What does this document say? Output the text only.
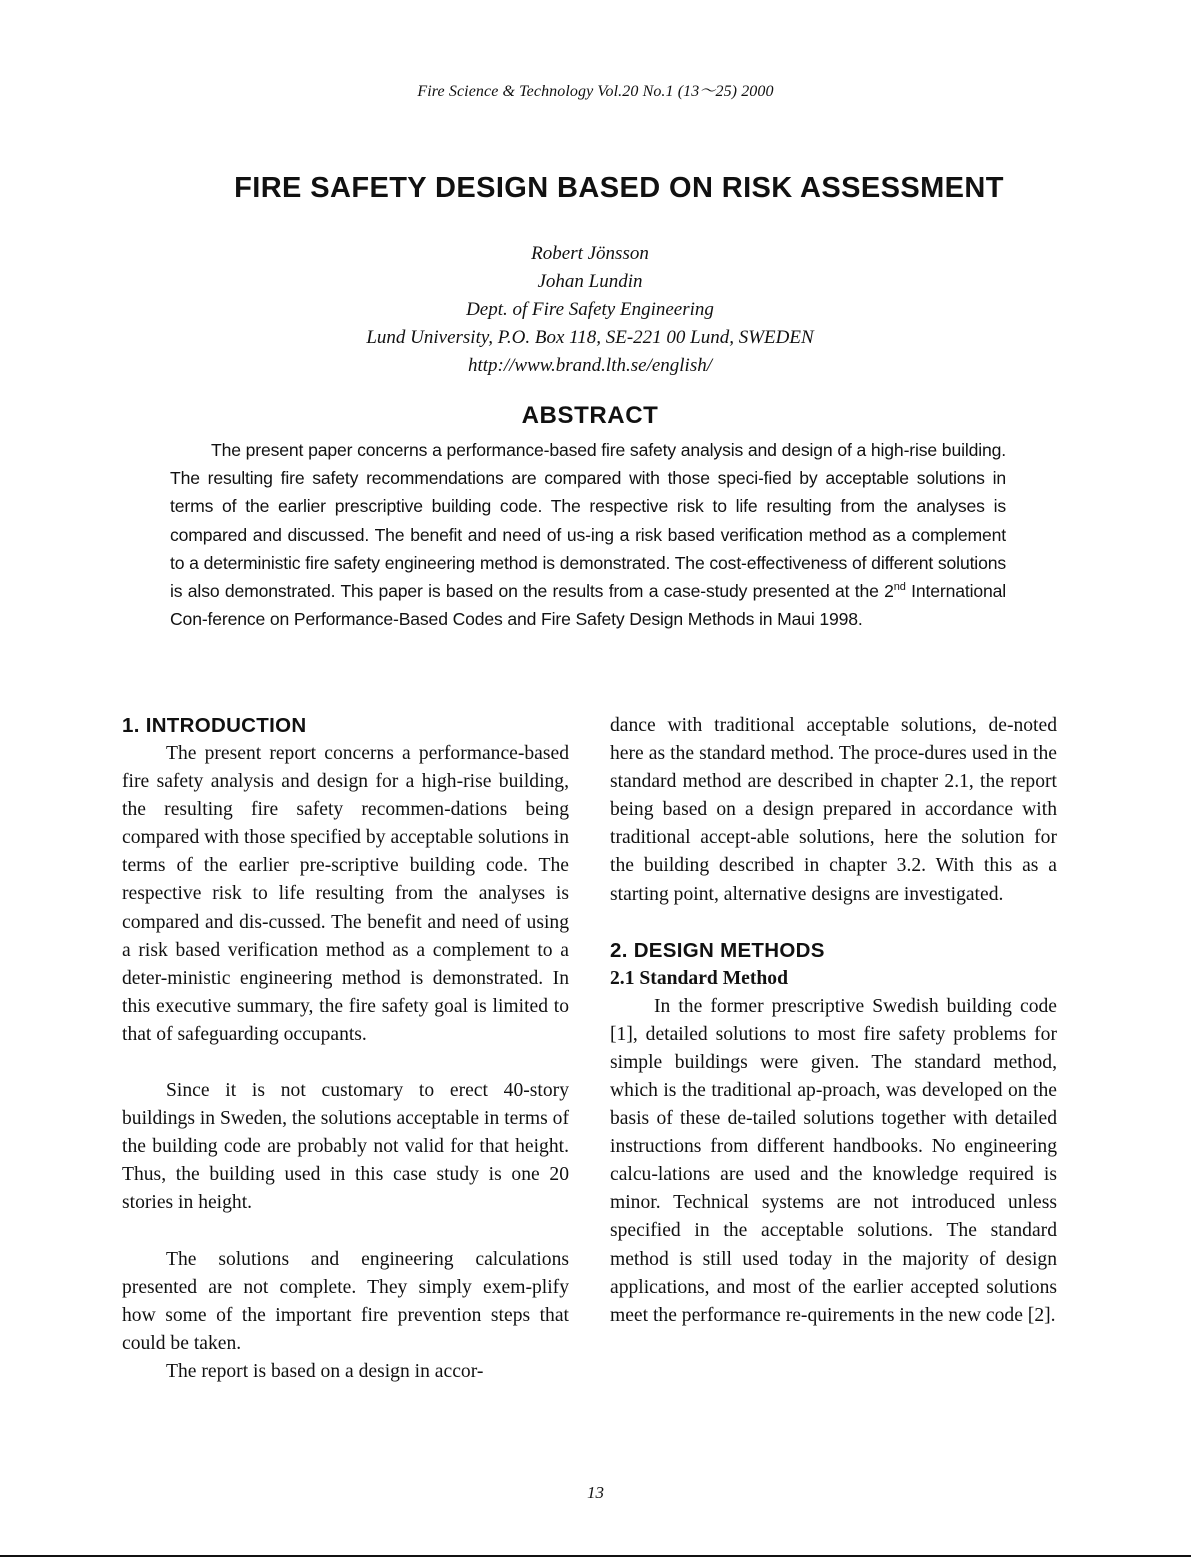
Fire Science & Technology Vol.20 No.1 (13〜25) 2000
FIRE SAFETY DESIGN BASED ON RISK ASSESSMENT
Robert Jönsson
Johan Lundin
Dept. of Fire Safety Engineering
Lund University, P.O. Box 118, SE-221 00 Lund, SWEDEN
http://www.brand.lth.se/english/
ABSTRACT

The present paper concerns a performance-based fire safety analysis and design of a high-rise building. The resulting fire safety recommendations are compared with those speci-fied by acceptable solutions in terms of the earlier prescriptive building code. The respective risk to life resulting from the analyses is compared and discussed. The benefit and need of us-ing a risk based verification method as a complement to a deterministic fire safety engineering method is demonstrated. The cost-effectiveness of different solutions is also demonstrated. This paper is based on the results from a case-study presented at the 2nd International Con-ference on Performance-Based Codes and Fire Safety Design Methods in Maui 1998.

1. INTRODUCTION

The present report concerns a performance-based fire safety analysis and design for a high-rise building, the resulting fire safety recommen-dations being compared with those specified by acceptable solutions in terms of the earlier pre-scriptive building code. The respective risk to life resulting from the analyses is compared and dis-cussed. The benefit and need of using a risk based verification method as a complement to a deter-ministic engineering method is demonstrated. In this executive summary, the fire safety goal is limited to that of safeguarding occupants.

Since it is not customary to erect 40-story buildings in Sweden, the solutions acceptable in terms of the building code are probably not valid for that height. Thus, the building used in this case study is one 20 stories in height.

The solutions and engineering calculations presented are not complete. They simply exem-plify how some of the important fire prevention steps that could be taken.

The report is based on a design in accor-

dance with traditional acceptable solutions, de-noted here as the standard method. The proce-dures used in the standard method are described in chapter 2.1, the report being based on a design prepared in accordance with traditional accept-able solutions, here the solution for the building described in chapter 3.2. With this as a starting point, alternative designs are investigated.

2. DESIGN METHODS
2.1 Standard Method

In the former prescriptive Swedish building code [1], detailed solutions to most fire safety problems for simple buildings were given. The standard method, which is the traditional ap-proach, was developed on the basis of these de-tailed solutions together with detailed instructions from different handbooks. No engineering calcu-lations are used and the knowledge required is minor. Technical systems are not introduced unless specified in the acceptable solutions. The standard method is still used today in the majority of design applications, and most of the earlier accepted solutions meet the performance re-quirements in the new code [2].

13
